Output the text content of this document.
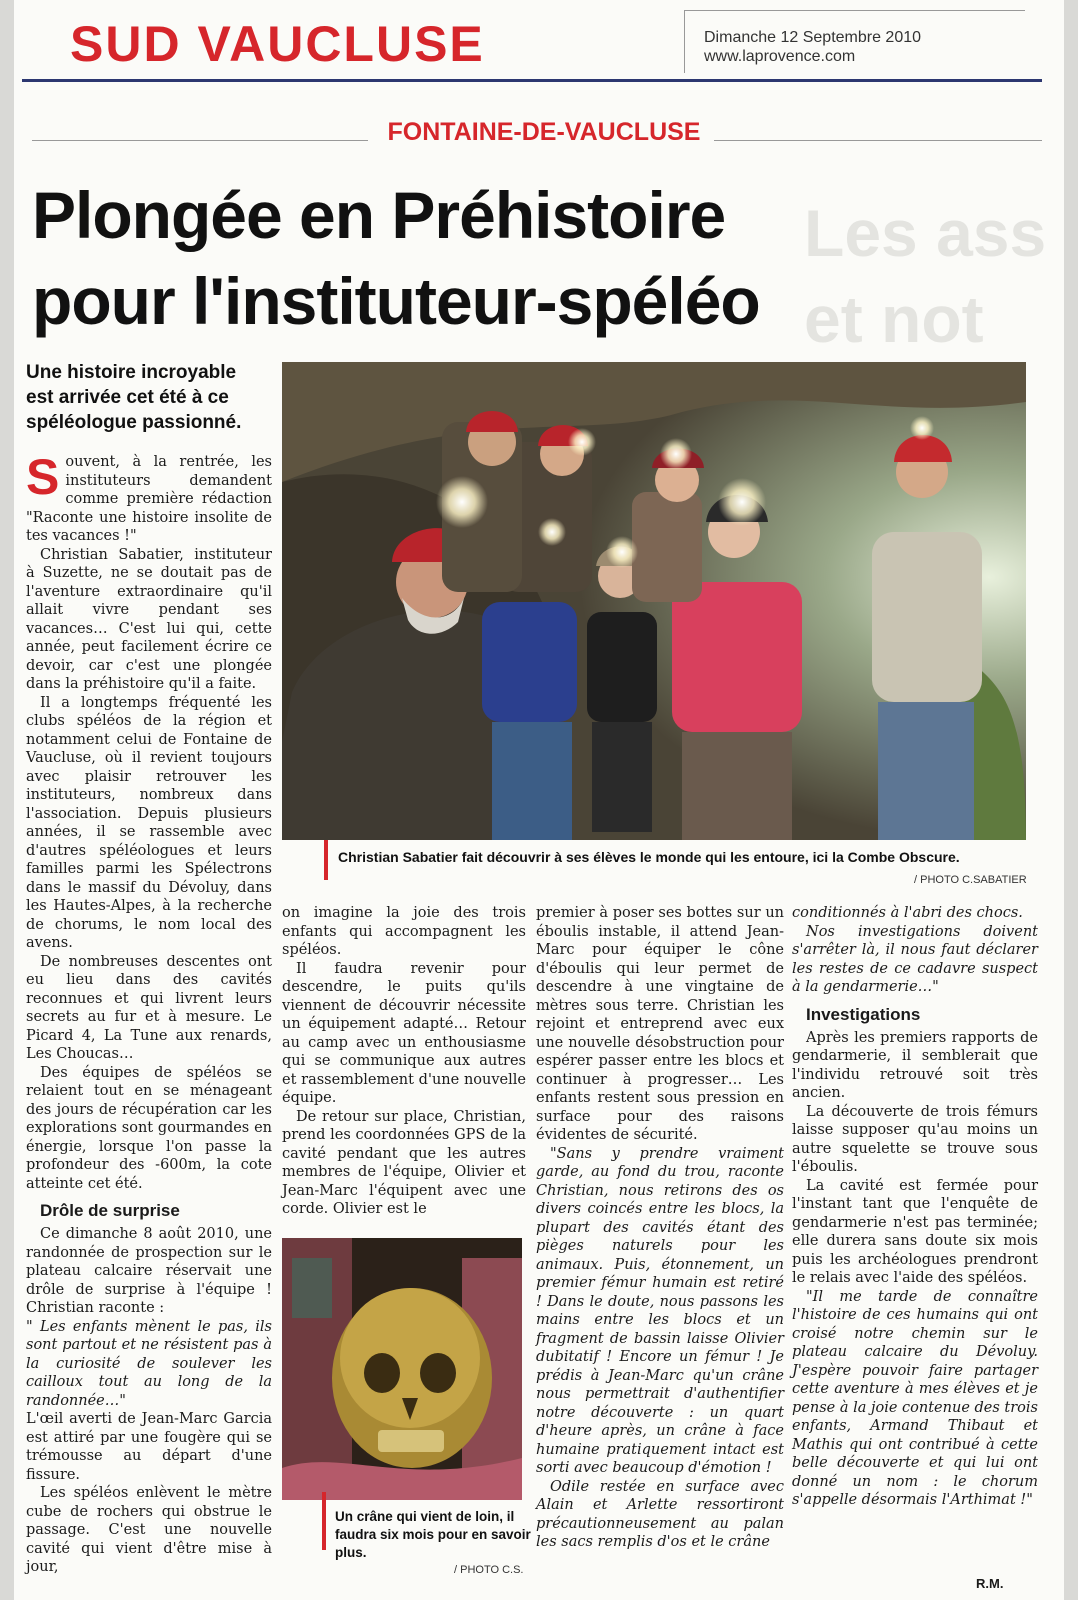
SUD VAUCLUSE	Dimanche 12 Septembre 2010
www.laprovence.com
FONTAINE-DE-VAUCLUSE
Les ass
et not
Plongée en Préhistoire
pour l'instituteur-spéléo
Une histoire incroyable est arrivée cet été à ce spéléologue passionné.
Christian Sabatier fait découvrir à ses élèves le monde qui les entoure, ici la Combe Obscure.
/ PHOTO C.SABATIER
S ouvent, à la rentrée, les instituteurs demandent comme première rédaction "Raconte une histoire insolite de tes vacances !"

Christian Sabatier, instituteur à Suzette, ne se doutait pas de l'aventure extraordinaire qu'il allait vivre pendant ses vacances… C'est lui qui, cette année, peut facilement écrire ce devoir, car c'est une plongée dans la préhistoire qu'il a faite.

Il a longtemps fréquenté les clubs spéléos de la région et notamment celui de Fontaine de Vaucluse, où il revient toujours avec plaisir retrouver les instituteurs, nombreux dans l'association. Depuis plusieurs années, il se rassemble avec d'autres spéléologues et leurs familles parmi les Spélectrons dans le massif du Dévoluy, dans les Hautes-Alpes, à la recherche de chorums, le nom local des avens.

De nombreuses descentes ont eu lieu dans des cavités reconnues et qui livrent leurs secrets au fur et à mesure. Le Picard 4, La Tune aux renards, Les Choucas…

Des équipes de spéléos se relaient tout en se ménageant des jours de récupération car les explorations sont gourmandes en énergie, lorsque l'on passe la profondeur des -600m, la cote atteinte cet été.

Drôle de surprise

Ce dimanche 8 août 2010, une randonnée de prospection sur le plateau calcaire réservait une drôle de surprise à l'équipe ! Christian raconte :

" Les enfants mènent le pas, ils sont partout et ne résistent pas à la curiosité de soulever les cailloux tout au long de la randonnée…"

L'œil averti de Jean-Marc Garcia est attiré par une fougère qui se trémousse au départ d'une fissure.

Les spéléos enlèvent le mètre cube de rochers qui obstrue le passage. C'est une nouvelle cavité qui vient d'être mise à jour,

on imagine la joie des trois enfants qui accompagnent les spéléos.

Il faudra revenir pour descendre, le puits qu'ils viennent de découvrir nécessite un équipement adapté… Retour au camp avec un enthousiasme qui se communique aux autres et rassemblement d'une nouvelle équipe.

De retour sur place, Christian, prend les coordonnées GPS de la cavité pendant que les autres membres de l'équipe, Olivier et Jean-Marc l'équipent avec une corde. Olivier est le

Un crâne qui vient de loin, il faudra six mois pour en savoir plus.
/ PHOTO C.S.

premier à poser ses bottes sur un éboulis instable, il attend Jean-Marc pour équiper le cône d'éboulis qui leur permet de descendre à une vingtaine de mètres sous terre. Christian les rejoint et entreprend avec eux une nouvelle désobstruction pour espérer passer entre les blocs et continuer à progresser… Les enfants restent sous pression en surface pour des raisons évidentes de sécurité.

"Sans y prendre vraiment garde, au fond du trou, raconte Christian, nous retirons des os divers coincés entre les blocs, la plupart des cavités étant des pièges naturels pour les animaux. Puis, étonnement, un premier fémur humain est retiré ! Dans le doute, nous passons les mains entre les blocs et un fragment de bassin laisse Olivier dubitatif ! Encore un fémur ! Je prédis à Jean-Marc qu'un crâne nous permettrait d'authentifier notre découverte : un quart d'heure après, un crâne à face humaine pratiquement intact est sorti avec beaucoup d'émotion !

Odile restée en surface avec Alain et Arlette ressortiront précautionneusement au palan les sacs remplis d'os et le crâne

conditionnés à l'abri des chocs.

Nos investigations doivent s'arrêter là, il nous faut déclarer les restes de ce cadavre suspect à la gendarmerie…"

Investigations

Après les premiers rapports de gendarmerie, il semblerait que l'individu retrouvé soit très ancien.

La découverte de trois fémurs laisse supposer qu'au moins un autre squelette se trouve sous l'éboulis.

La cavité est fermée pour l'instant tant que l'enquête de gendarmerie n'est pas terminée; elle durera sans doute six mois puis les archéologues prendront le relais avec l'aide des spéléos.

"Il me tarde de connaître l'histoire de ces humains qui ont croisé notre chemin sur le plateau calcaire du Dévoluy. J'espère pouvoir faire partager cette aventure à mes élèves et je pense à la joie contenue des trois enfants, Armand Thibaut et Mathis qui ont contribué à cette belle découverte et qui lui ont donné un nom : le chorum s'appelle désormais l'Arthimat !"

R.M.
